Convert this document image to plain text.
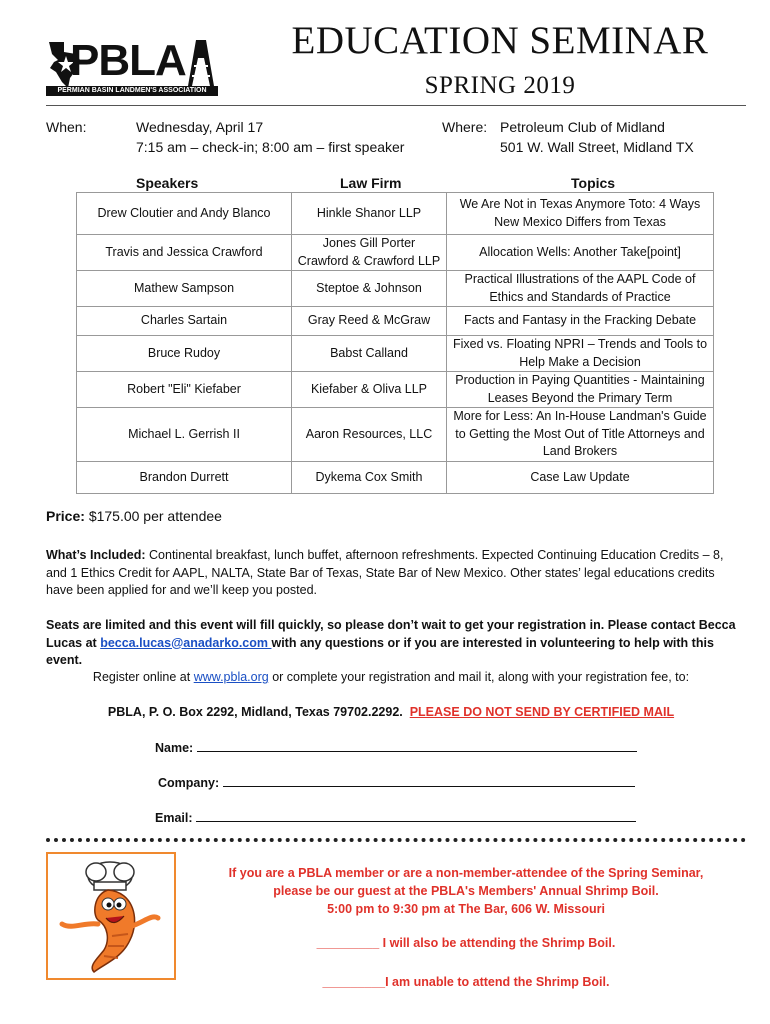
PBLA
PERMIAN BASIN LANDMEN'S ASSOCIATION
EDUCATION SEMINAR
SPRING 2019
When:	Wednesday, April 17
7:15 am – check-in; 8:00 am – first speaker
Where: Petroleum Club of Midland
501 W. Wall Street, Midland TX
Speakers	Law Firm	Topics
Drew Cloutier and Andy Blanco	Hinkle Shanor LLP	We Are Not in Texas Anymore Toto: 4 Ways New Mexico Differs from Texas
Travis and Jessica Crawford	Jones Gill Porter Crawford & Crawford LLP	Allocation Wells: Another Take[point]
Mathew Sampson	Steptoe & Johnson	Practical Illustrations of the AAPL Code of Ethics and Standards of Practice
Charles Sartain	Gray Reed & McGraw	Facts and Fantasy in the Fracking Debate
Bruce Rudoy	Babst Calland	Fixed vs. Floating NPRI – Trends and Tools to Help Make a Decision
Robert "Eli" Kiefaber	Kiefaber & Oliva LLP	Production in Paying Quantities - Maintaining Leases Beyond the Primary Term
Michael L. Gerrish II	Aaron Resources, LLC	More for Less: An In-House Landman's Guide to Getting the Most Out of Title Attorneys and Land Brokers
Brandon Durrett	Dykema Cox Smith	Case Law Update
Price: $175.00 per attendee
What’s Included: Continental breakfast, lunch buffet, afternoon refreshments. Expected Continuing Education Credits – 8, and 1 Ethics Credit for AAPL, NALTA, State Bar of Texas, State Bar of New Mexico. Other states’ legal educations credits have been applied for and we’ll keep you posted.
Seats are limited and this event will fill quickly, so please don’t wait to get your registration in. Please contact Becca Lucas at becca.lucas@anadarko.com with any questions or if you are interested in volunteering to help with this event.
Register online at www.pbla.org or complete your registration and mail it, along with your registration fee, to:
PBLA, P. O. Box 2292, Midland, Texas 79702.2292. PLEASE DO NOT SEND BY CERTIFIED MAIL
Name:
Company:
Email:
If you are a PBLA member or are a non-member-attendee of the Spring Seminar,
please be our guest at the PBLA's Members' Annual Shrimp Boil.
5:00 pm to 9:30 pm at The Bar, 606 W. Missouri
_________ I will also be attending the Shrimp Boil.
_________I am unable to attend the Shrimp Boil.
